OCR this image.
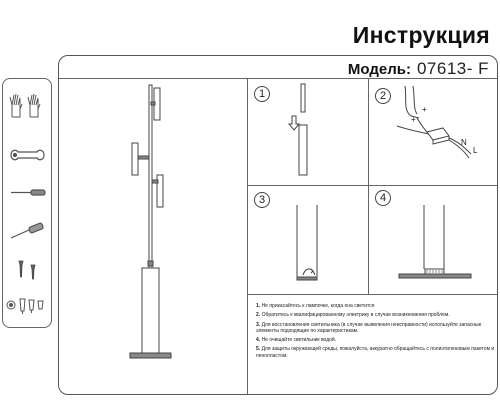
Инструкция
Модель: 07613- F
1	2
+
+
N
L
3	4
1. Не прикасайтесь к лампочке, когда она светится
2. Обратитесь к квалифицированному электрику в случае возникновения проблем.
3. Для восстановления светильника (в случае выявления неисправности) используйте запасные элементы подходящие по характеристикам.
4. Не очищайте светильник водой.
5. Для защиты окружающей среды, пожалуйста, аккуратно обращайтесь с полиэтиленовым пакетом и пенопластом.
